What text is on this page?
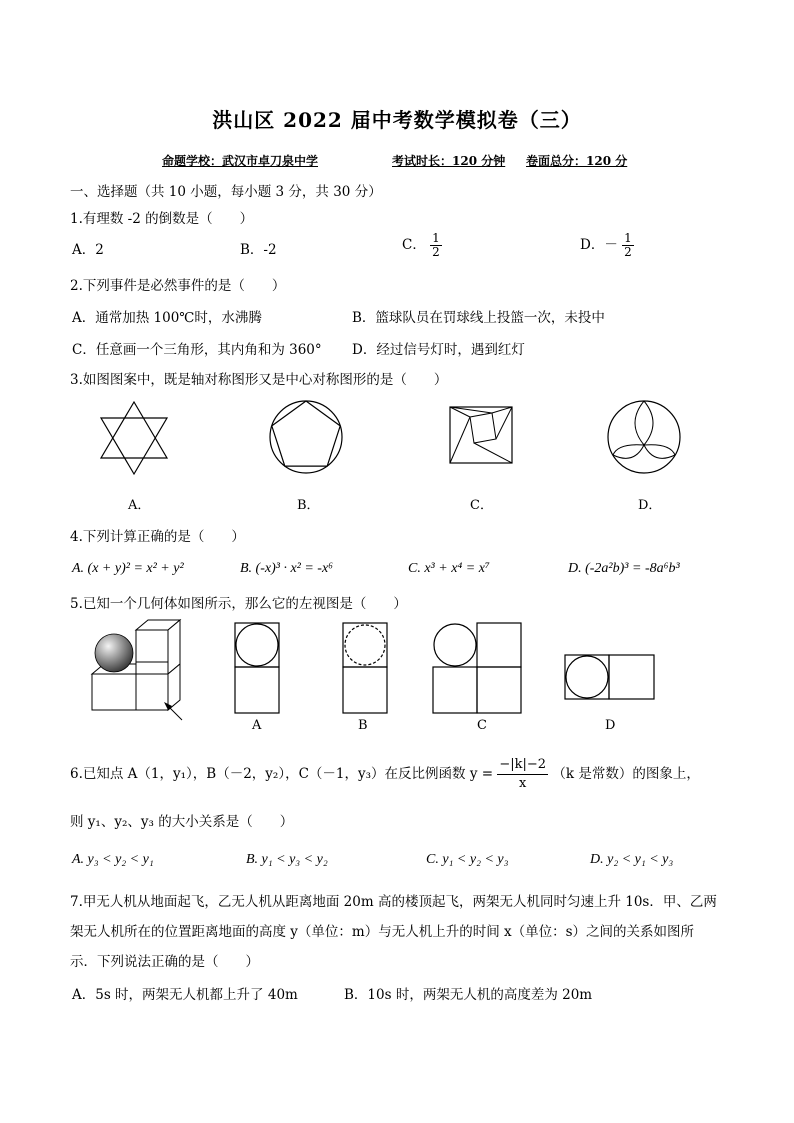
洪山区 2022 届中考数学模拟卷（三）
命题学校：武汉市卓刀泉中学	考试时长：120 分钟 卷面总分：120 分
一、选择题（共 10 小题，每小题 3 分，共 30 分）
1.有理数 -2 的倒数是（　　）
A．2	B．-2	C． $\frac{1}{2}$	D．－ $\frac{1}{2}$
2.下列事件是必然事件的是（　　）
A．通常加热 100℃时，水沸腾	B．篮球队员在罚球线上投篮一次，未投中
C．任意画一个三角形，其内角和为 360° D．经过信号灯时，遇到红灯
3.如图图案中，既是轴对称图形又是中心对称图形的是（　　）
A．	B．	C．	D．
4.下列计算正确的是（　　）
A. (x + y)² = x² + y²	B. (-x)³ · x² = -x⁶	C. x³ + x⁴ = x⁷	D. (-2a²b)³ = -8a⁶b³
5.已知一个几何体如图所示，那么它的左视图是（　　）
A	B	C	D
6.已知点 A（1，y₁），B（－2，y₂），C（－1，y₃）在反比例函数 $y = \frac{-|k|-2}{x} (k$ 是常数）的图象上，
则 y₁、y₂、y₃ 的大小关系是（　　）
A. y₃ < y₂ < y₁	B. y₁ < y₃ < y₂	C. y₁ < y₂ < y₃	D. y₂ < y₁ < y₃
7.甲无人机从地面起飞，乙无人机从距离地面 20m 高的楼顶起飞，两架无人机同时匀速上升 10s．甲、乙两
架无人机所在的位置距离地面的高度 y（单位：m）与无人机上升的时间 x（单位：s）之间的关系如图所
示．下列说法正确的是（　　）
A．5s 时，两架无人机都上升了 40m	B．10s 时，两架无人机的高度差为 20m
